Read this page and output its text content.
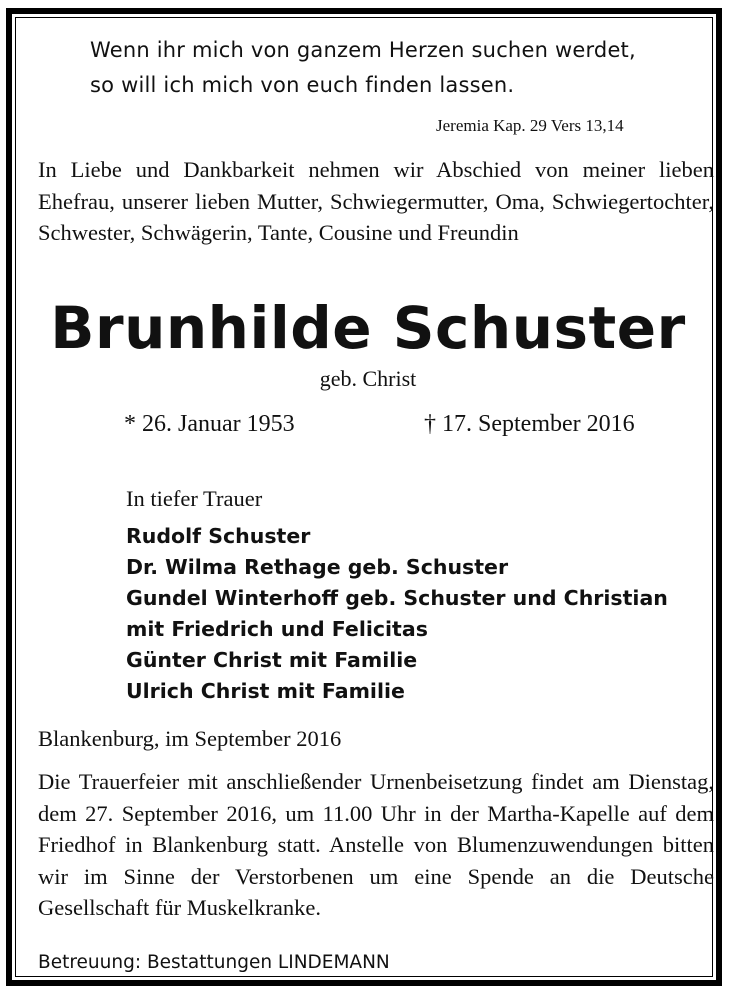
Wenn ihr mich von ganzem Herzen suchen werdet,

so will ich mich von euch finden lassen.

Jeremia Kap. 29 Vers 13,14

In Liebe und Dankbarkeit nehmen wir Abschied von meiner lieben Ehefrau, unserer lieben Mutter, Schwiegermutter, Oma, Schwiegertochter, Schwester, Schwägerin, Tante, Cousine und Freundin

Brunhilde Schuster

geb. Christ

* 26. Januar 1953	† 17. September 2016

In tiefer Trauer

Rudolf Schuster
Dr. Wilma Rethage geb. Schuster
Gundel Winterhoff geb. Schuster und Christian
mit Friedrich und Felicitas
Günter Christ mit Familie
Ulrich Christ mit Familie

Blankenburg, im September 2016

Die Trauerfeier mit anschließender Urnenbeisetzung findet am Dienstag, dem 27. September 2016, um 11.00 Uhr in der Martha-Kapelle auf dem Friedhof in Blankenburg statt. Anstelle von Blumenzuwendungen bitten wir im Sinne der Verstorbenen um eine Spende an die Deutsche Gesellschaft für Muskelkranke.

Betreuung: Bestattungen LINDEMANN
